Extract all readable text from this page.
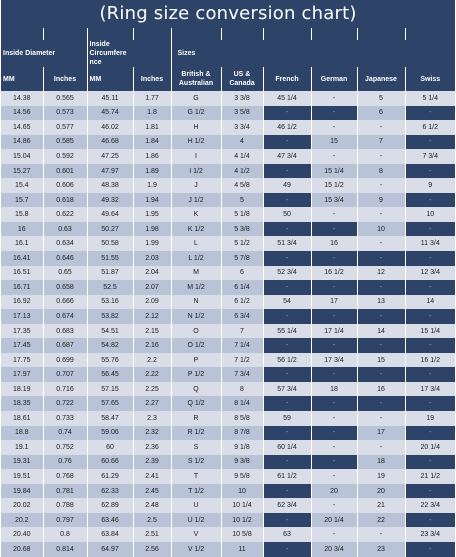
(Ring size conversion chart)

Inside Diameter		Inside Circumfere nce		Sizes					
MM	Inches	MM	Inches	British & Australian	US & Canada	French	German	Japanese	Swiss
14.38	0.565	45.11	1.77	G	3 3/8	45 1/4	-	5	5 1/4
14.56	0.573	45.74	1.8	G 1/2	3 5/8	-	-	6	-
14.65	0.577	46.02	1.81	H	3 3/4	46 1/2	-	-	6 1/2
14.86	0.585	46.68	1.84	H 1/2	4	-	15	7	-
15.04	0.592	47.25	1.86	I	4 1/4	47 3/4	-	-	7 3/4
15.27	0.601	47.97	1.89	I 1/2	4 1/2	-	15 1/4	8	-
15.4	0.606	48.38	1.9	J	4 5/8	49	15 1/2	-	9
15.7	0.618	49.32	1.94	J 1/2	5	-	15 3/4	9	-
15.8	0.622	49.64	1.95	K	5 1/8	50	-	-	10
16	0.63	50.27	1.98	K 1/2	5 3/8	-	-	10	-
16.1	0.634	50.58	1.99	L	5 1/2	51 3/4	16	-	11 3/4
16.41	0.646	51.55	2.03	L 1/2	5 7/8	-	-	-	-
16.51	0.65	51.87	2.04	M	6	52 3/4	16 1/2	12	12 3/4
16.71	0.658	52.5	2.07	M 1/2	6 1/4	-	-	-	-
16.92	0.666	53.16	2.09	N	6 1/2	54	17	13	14
17.13	0.674	53.82	2.12	N 1/2	6 3/4	-	-	-	-
17.35	0.683	54.51	2.15	O	7	55 1/4	17 1/4	14	15 1/4
17.45	0.687	54.82	2.16	O 1/2	7 1/4	-	-	-	-
17.75	0.699	55.76	2.2	P	7 1/2	56 1/2	17 3/4	15	16 1/2
17.97	0.707	56.45	2.22	P 1/2	7 3/4	-	-	-	-
18.19	0.716	57.15	2.25	Q	8	57 3/4	18	16	17 3/4
18.35	0.722	57.65	2.27	Q 1/2	8 1/4	-	-	-	-
18.61	0.733	58.47	2.3	R	8 5/8	59	-	-	19
18.8	0.74	59.06	2.32	R 1/2	8 7/8	-	-	17	-
19.1	0.752	60	2.36	S	9 1/8	60 1/4	-	-	20 1/4
19.31	0.76	60.66	2.39	S 1/2	9 3/8	-	-	18	-
19.51	0.768	61.29	2.41	T	9 5/8	61 1/2	-	19	21 1/2
19.84	0.781	62.33	2.45	T 1/2	10	-	20	20	-
20.02	0.788	62.89	2.48	U	10 1/4	62 3/4	-	21	22 3/4
20.2	0.797	63.46	2.5	U 1/2	10 1/2	-	20 1/4	22	-
20.40	0.8	63.84	2.51	V	10 5/8	63	-	-	23 3/4
20.68	0.814	64.97	2.56	V 1/2	11	-	20 3/4	23	-
